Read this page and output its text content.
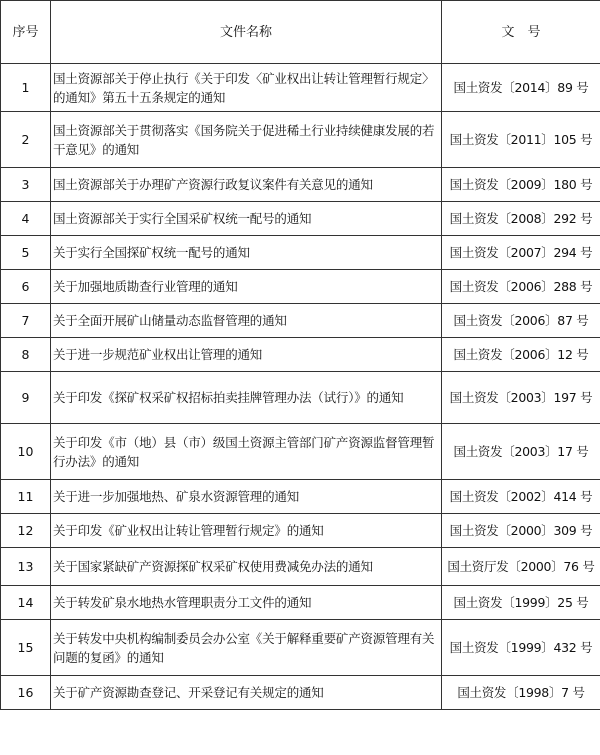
序号	文件名称	文　号
1	国土资源部关于停止执行《关于印发〈矿业权出让转让管理暂行规定〉的通知》第五十五条规定的通知	国土资发〔2014〕89 号
2	国土资源部关于贯彻落实《国务院关于促进稀土行业持续健康发展的若干意见》的通知	国土资发〔2011〕105 号
3	国土资源部关于办理矿产资源行政复议案件有关意见的通知	国土资发〔2009〕180 号
4	国土资源部关于实行全国采矿权统一配号的通知	国土资发〔2008〕292 号
5	关于实行全国探矿权统一配号的通知	国土资发〔2007〕294 号
6	关于加强地质勘查行业管理的通知	国土资发〔2006〕288 号
7	关于全面开展矿山储量动态监督管理的通知	国土资发〔2006〕87 号
8	关于进一步规范矿业权出让管理的通知	国土资发〔2006〕12 号
9	关于印发《探矿权采矿权招标拍卖挂牌管理办法（试行）》的通知	国土资发〔2003〕197 号
10	关于印发《市（地）县（市）级国土资源主管部门矿产资源监督管理暂行办法》的通知	国土资发〔2003〕17 号
11	关于进一步加强地热、矿泉水资源管理的通知	国土资发〔2002〕414 号
12	关于印发《矿业权出让转让管理暂行规定》的通知	国土资发〔2000〕309 号
13	关于国家紧缺矿产资源探矿权采矿权使用费减免办法的通知	国土资厅发〔2000〕76 号
14	关于转发矿泉水地热水管理职责分工文件的通知	国土资发〔1999〕25 号
15	关于转发中央机构编制委员会办公室《关于解释重要矿产资源管理有关问题的复函》的通知	国土资发〔1999〕432 号
16	关于矿产资源勘查登记、开采登记有关规定的通知	国土资发〔1998〕7 号
